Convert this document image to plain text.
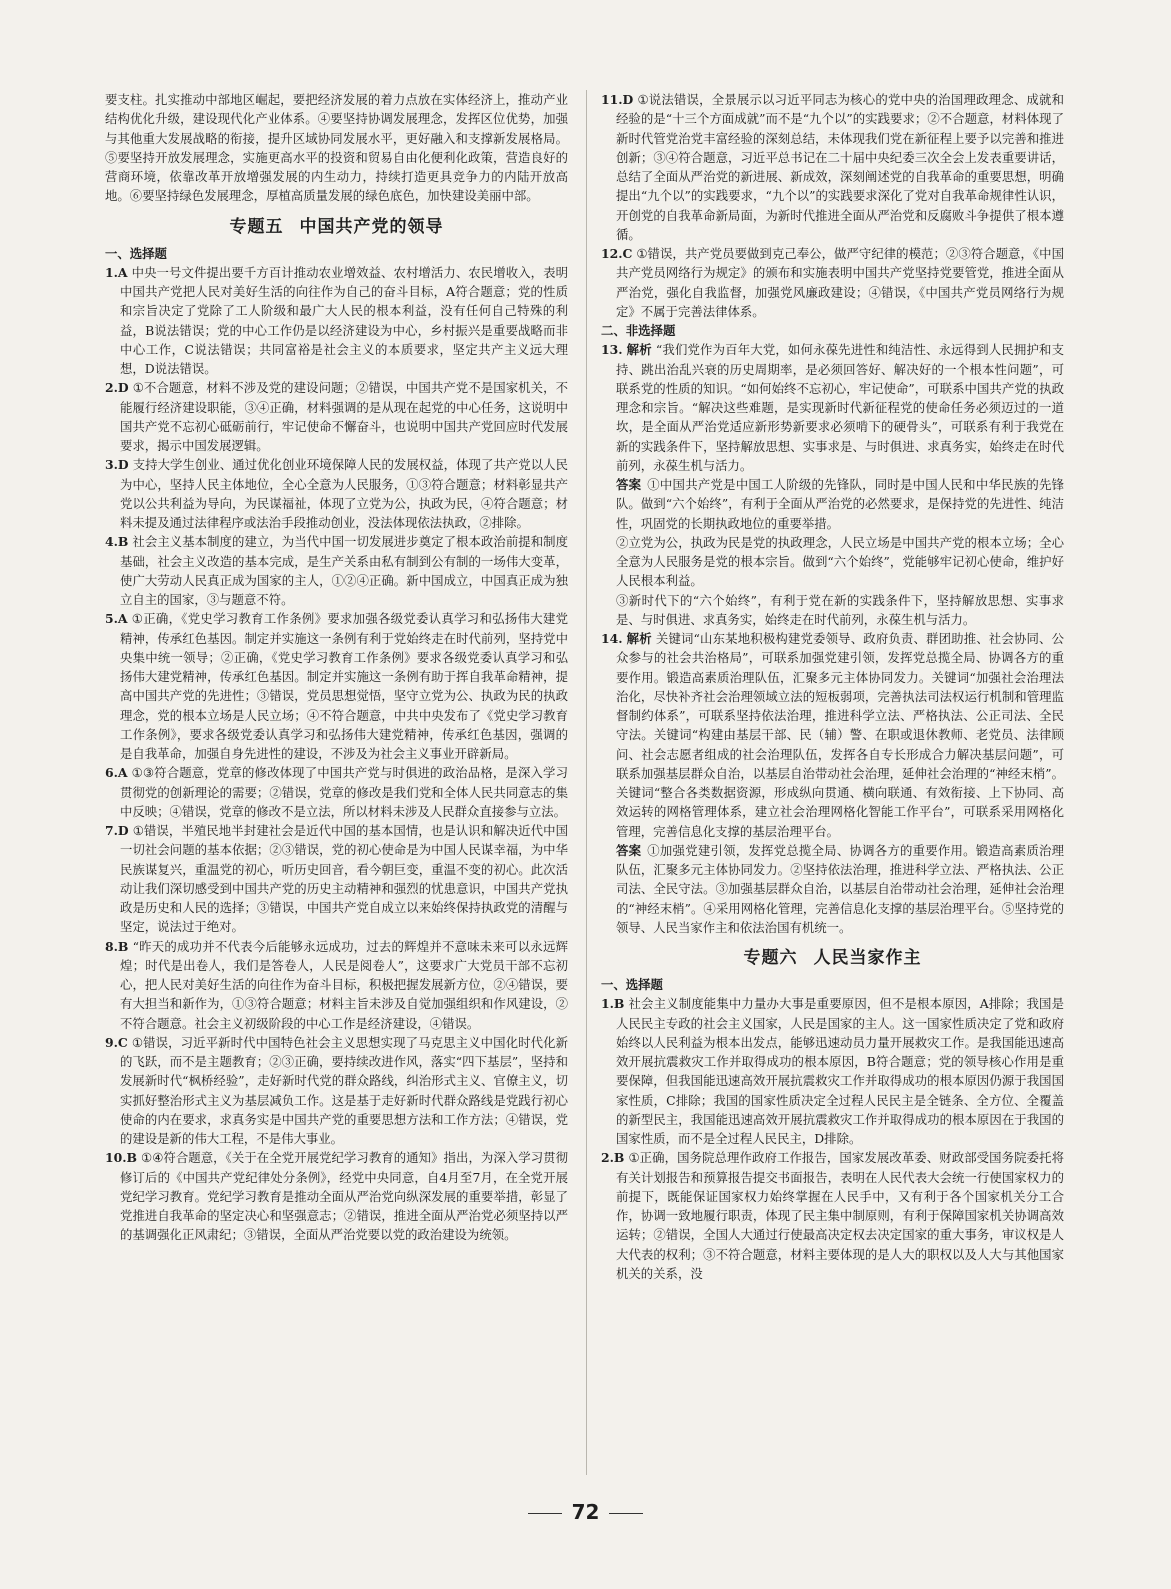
要支柱。扎实推动中部地区崛起，要把经济发展的着力点放在实体经济上，推动产业结构优化升级，建设现代化产业体系。④要坚持协调发展理念，发挥区位优势，加强与其他重大发展战略的衔接，提升区域协同发展水平，更好融入和支撑新发展格局。⑤要坚持开放发展理念，实施更高水平的投资和贸易自由化便利化政策，营造良好的营商环境，依靠改革开放增强发展的内生动力，持续打造更具竞争力的内陆开放高地。⑥要坚持绿色发展理念，厚植高质量发展的绿色底色，加快建设美丽中部。

专题五 中国共产党的领导

一、选择题

1.A 中央一号文件提出要千方百计推动农业增效益、农村增活力、农民增收入，表明中国共产党把人民对美好生活的向往作为自己的奋斗目标，A符合题意；党的性质和宗旨决定了党除了工人阶级和最广大人民的根本利益，没有任何自己特殊的利益，B说法错误；党的中心工作仍是以经济建设为中心，乡村振兴是重要战略而非中心工作，C说法错误；共同富裕是社会主义的本质要求，坚定共产主义远大理想，D说法错误。

2.D ①不合题意，材料不涉及党的建设问题；②错误，中国共产党不是国家机关，不能履行经济建设职能，③④正确，材料强调的是从现在起党的中心任务，这说明中国共产党不忘初心砥砺前行，牢记使命不懈奋斗，也说明中国共产党回应时代发展要求，揭示中国发展逻辑。

3.D 支持大学生创业、通过优化创业环境保障人民的发展权益，体现了共产党以人民为中心，坚持人民主体地位，全心全意为人民服务，①③符合题意；材料彰显共产党以公共利益为导向，为民谋福祉，体现了立党为公，执政为民，④符合题意；材料未提及通过法律程序或法治手段推动创业，没法体现依法执政，②排除。

4.B 社会主义基本制度的建立，为当代中国一切发展进步奠定了根本政治前提和制度基础，社会主义改造的基本完成，是生产关系由私有制到公有制的一场伟大变革，使广大劳动人民真正成为国家的主人，①②④正确。新中国成立，中国真正成为独立自主的国家，③与题意不符。

5.A ①正确，《党史学习教育工作条例》要求加强各级党委认真学习和弘扬伟大建党精神，传承红色基因。制定并实施这一条例有利于党始终走在时代前列，坚持党中央集中统一领导；②正确，《党史学习教育工作条例》要求各级党委认真学习和弘扬伟大建党精神，传承红色基因。制定并实施这一条例有助于挥自我革命精神，提高中国共产党的先进性；③错误，党员思想觉悟，坚守立党为公、执政为民的执政理念，党的根本立场是人民立场；④不符合题意，中共中央发布了《党史学习教育工作条例》，要求各级党委认真学习和弘扬伟大建党精神，传承红色基因，强调的是自我革命，加强自身先进性的建设，不涉及为社会主义事业开辟新局。

6.A ①③符合题意，党章的修改体现了中国共产党与时俱进的政治品格，是深入学习贯彻党的创新理论的需要；②错误，党章的修改是我们党和全体人民共同意志的集中反映；④错误，党章的修改不是立法，所以材料未涉及人民群众直接参与立法。

7.D ①错误，半殖民地半封建社会是近代中国的基本国情，也是认识和解决近代中国一切社会问题的基本依据；②③错误，党的初心使命是为中国人民谋幸福，为中华民族谋复兴，重温党的初心，听历史回音，看今朝巨变，重温不变的初心。此次活动让我们深切感受到中国共产党的历史主动精神和强烈的忧患意识，中国共产党执政是历史和人民的选择；③错误，中国共产党自成立以来始终保持执政党的清醒与坚定，说法过于绝对。

8.B “昨天的成功并不代表今后能够永远成功，过去的辉煌并不意味未来可以永远辉煌；时代是出卷人，我们是答卷人，人民是阅卷人”，这要求广大党员干部不忘初心，把人民对美好生活的向往作为奋斗目标，积极把握发展新方位，②④错误，要有大担当和新作为，①③符合题意；材料主旨未涉及自觉加强组织和作风建设，②不符合题意。社会主义初级阶段的中心工作是经济建设，④错误。

9.C ①错误，习近平新时代中国特色社会主义思想实现了马克思主义中国化时代化新的飞跃，而不是主题教育；②③正确，要持续改进作风，落实“四下基层”，坚持和发展新时代“枫桥经验”，走好新时代党的群众路线，纠治形式主义、官僚主义，切实抓好整治形式主义为基层减负工作。这是基于走好新时代群众路线是党践行初心使命的内在要求，求真务实是中国共产党的重要思想方法和工作方法；④错误，党的建设是新的伟大工程，不是伟大事业。

10.B ①④符合题意，《关于在全党开展党纪学习教育的通知》指出，为深入学习贯彻修订后的《中国共产党纪律处分条例》，经党中央同意，自4月至7月，在全党开展党纪学习教育。党纪学习教育是推动全面从严治党向纵深发展的重要举措，彰显了党推进自我革命的坚定决心和坚强意志；②错误，推进全面从严治党必须坚持以严的基调强化正风肃纪；③错误，全面从严治党要以党的政治建设为统领。

11.D ①说法错误，全景展示以习近平同志为核心的党中央的治国理政理念、成就和经验的是“十三个方面成就”而不是“九个以”的实践要求；②不合题意，材料体现了新时代管党治党丰富经验的深刻总结，未体现我们党在新征程上要予以完善和推进创新；③④符合题意，习近平总书记在二十届中央纪委三次全会上发表重要讲话，总结了全面从严治党的新进展、新成效，深刻阐述党的自我革命的重要思想，明确提出“九个以”的实践要求，“九个以”的实践要求深化了党对自我革命规律性认识，开创党的自我革命新局面，为新时代推进全面从严治党和反腐败斗争提供了根本遵循。

12.C ①错误，共产党员要做到克己奉公，做严守纪律的模范；②③符合题意，《中国共产党员网络行为规定》的颁布和实施表明中国共产党坚持党要管党，推进全面从严治党，强化自我监督，加强党风廉政建设；④错误，《中国共产党员网络行为规定》不属于完善法律体系。

二、非选择题

13. 解析 “我们党作为百年大党，如何永葆先进性和纯洁性、永远得到人民拥护和支持、跳出治乱兴衰的历史周期率，是必须回答好、解决好的一个根本性问题”，可联系党的性质的知识。“如何始终不忘初心，牢记使命”，可联系中国共产党的执政理念和宗旨。“解决这些难题，是实现新时代新征程党的使命任务必须迈过的一道坎，是全面从严治党适应新形势新要求必须啃下的硬骨头”，可联系有利于我党在新的实践条件下，坚持解放思想、实事求是、与时俱进、求真务实，始终走在时代前列，永葆生机与活力。

答案 ①中国共产党是中国工人阶级的先锋队，同时是中国人民和中华民族的先锋队。做到“六个始终”，有利于全面从严治党的必然要求，是保持党的先进性、纯洁性，巩固党的长期执政地位的重要举措。

②立党为公，执政为民是党的执政理念，人民立场是中国共产党的根本立场；全心全意为人民服务是党的根本宗旨。做到“六个始终”，党能够牢记初心使命，维护好人民根本利益。

③新时代下的“六个始终”，有利于党在新的实践条件下，坚持解放思想、实事求是、与时俱进、求真务实，始终走在时代前列，永葆生机与活力。

14. 解析 关键词“山东某地积极构建党委领导、政府负责、群团助推、社会协同、公众参与的社会共治格局”，可联系加强党建引领，发挥党总揽全局、协调各方的重要作用。锻造高素质治理队伍，汇聚多元主体协同发力。关键词“加强社会治理法治化，尽快补齐社会治理领域立法的短板弱项，完善执法司法权运行机制和管理监督制约体系”，可联系坚持依法治理，推进科学立法、严格执法、公正司法、全民守法。关键词“构建由基层干部、民（辅）警、在职或退休教师、老党员、法律顾问、社会志愿者组成的社会治理队伍，发挥各自专长形成合力解决基层问题”，可联系加强基层群众自治，以基层自治带动社会治理，延伸社会治理的“神经末梢”。关键词“整合各类数据资源，形成纵向贯通、横向联通、有效衔接、上下协同、高效运转的网格管理体系，建立社会治理网格化智能工作平台”，可联系采用网格化管理，完善信息化支撑的基层治理平台。

答案 ①加强党建引领，发挥党总揽全局、协调各方的重要作用。锻造高素质治理队伍，汇聚多元主体协同发力。②坚持依法治理，推进科学立法、严格执法、公正司法、全民守法。③加强基层群众自治，以基层自治带动社会治理，延伸社会治理的“神经末梢”。④采用网格化管理，完善信息化支撑的基层治理平台。⑤坚持党的领导、人民当家作主和依法治国有机统一。

专题六 人民当家作主

一、选择题

1.B 社会主义制度能集中力量办大事是重要原因，但不是根本原因，A排除；我国是人民民主专政的社会主义国家，人民是国家的主人。这一国家性质决定了党和政府始终以人民利益为根本出发点，能够迅速动员力量开展救灾工作。是我国能迅速高效开展抗震救灾工作并取得成功的根本原因，B符合题意；党的领导核心作用是重要保障，但我国能迅速高效开展抗震救灾工作并取得成功的根本原因仍源于我国国家性质，C排除；我国的国家性质决定全过程人民民主是全链条、全方位、全覆盖的新型民主，我国能迅速高效开展抗震救灾工作并取得成功的根本原因在于我国的国家性质，而不是全过程人民民主，D排除。

2.B ①正确，国务院总理作政府工作报告，国家发展改革委、财政部受国务院委托将有关计划报告和预算报告提交书面报告，表明在人民代表大会统一行使国家权力的前提下，既能保证国家权力始终掌握在人民手中，又有利于各个国家机关分工合作，协调一致地履行职责，体现了民主集中制原则，有利于保障国家机关协调高效运转；②错误，全国人大通过行使最高决定权去决定国家的重大事务，审议权是人大代表的权利；③不符合题意，材料主要体现的是人大的职权以及人大与其他国家机关的关系，没

72
